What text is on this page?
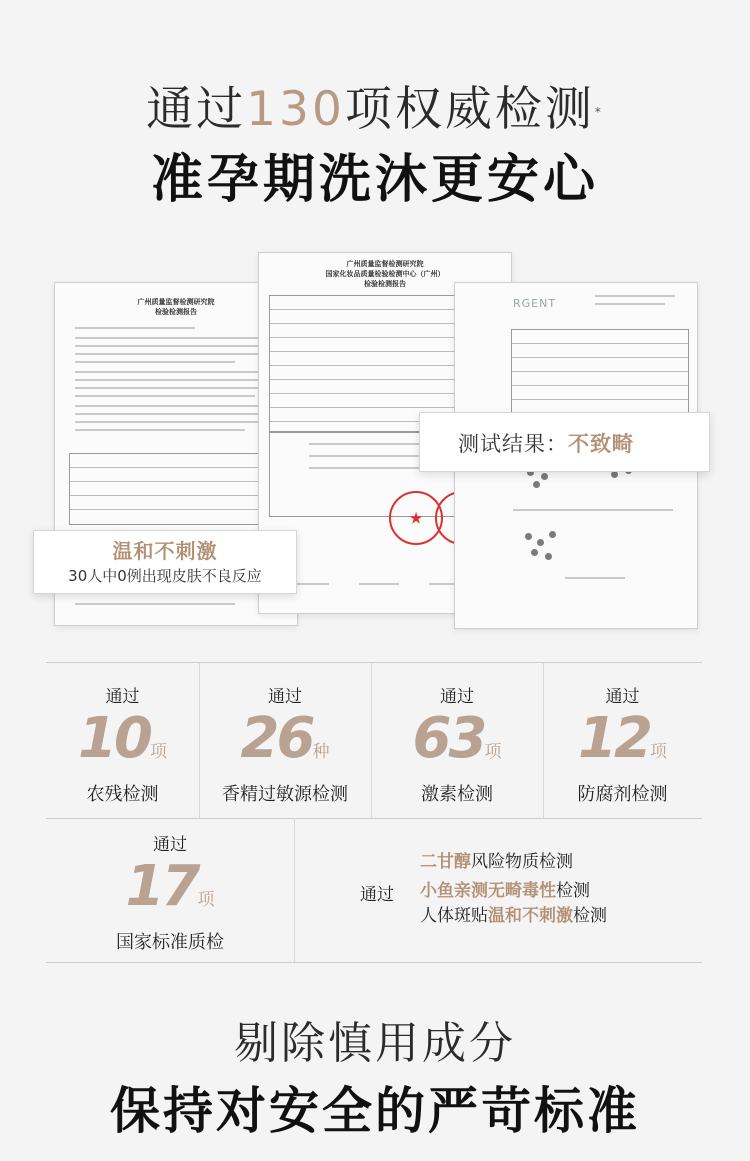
通过130项权威检测*
准孕期洗沐更安心
广州质量监督检测研究院
检验检测报告
广州质量监督检测研究院
国家化妆品质量检验检测中心（广州）
检验检测报告
★
RGENT
测试结果：不致畸
温和不刺激
30人中0例出现皮肤不良反应
通过
10项
农残检测
通过
26种
香精过敏源检测
通过
63项
激素检测
通过
12项
防腐剂检测
通过
17项
国家标准质检
通过
二甘醇风险物质检测
小鱼亲测无畸毒性检测
人体斑贴温和不刺激检测
剔除慎用成分
保持对安全的严苛标准
